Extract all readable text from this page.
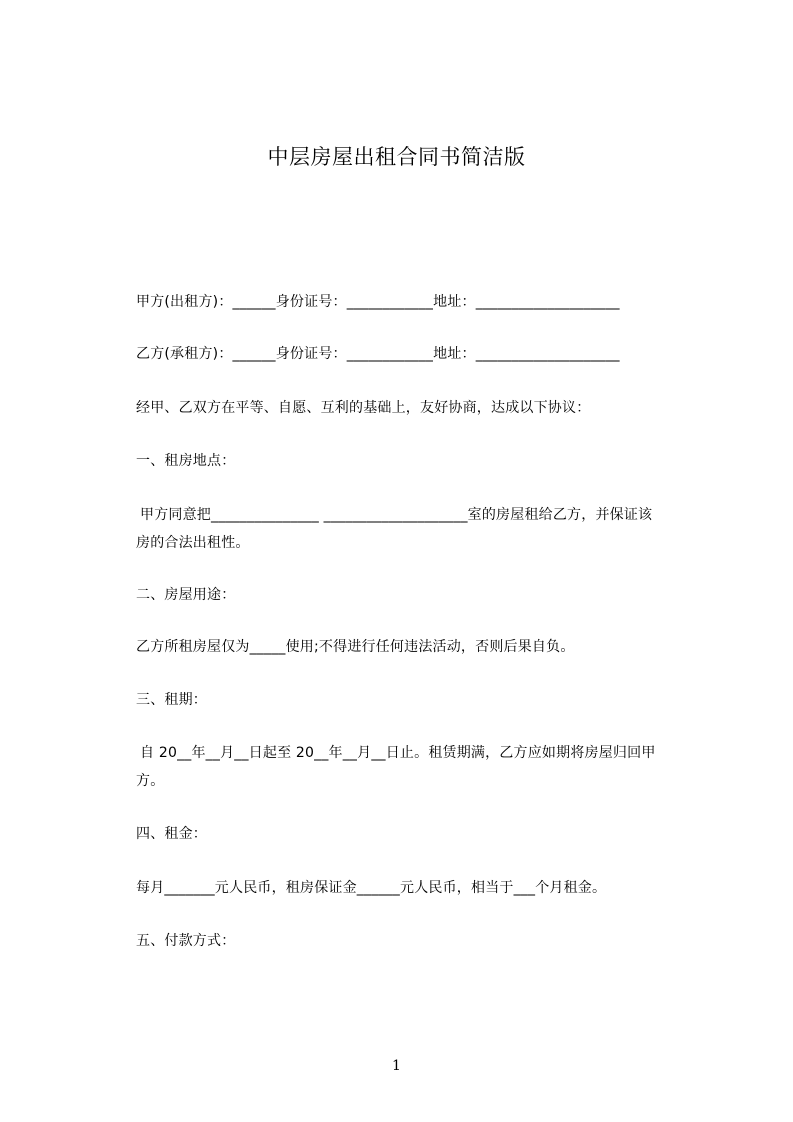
中层房屋出租合同书简洁版
甲方(出租方)：______身份证号：____________地址：____________________
乙方(承租方)：______身份证号：____________地址：____________________
经甲、乙双方在平等、自愿、互利的基础上，友好协商，达成以下协议：
一、租房地点：
甲方同意把_______________ ____________________室的房屋租给乙方，并保证该
房的合法出租性。
二、房屋用途：
乙方所租房屋仅为_____使用;不得进行任何违法活动，否则后果自负。
三、租期：
自 20__年__月__日起至 20__年__月__日止。租赁期满，乙方应如期将房屋归回甲
方。
四、租金：
每月_______元人民币，租房保证金______元人民币，相当于___个月租金。
五、付款方式：
1
